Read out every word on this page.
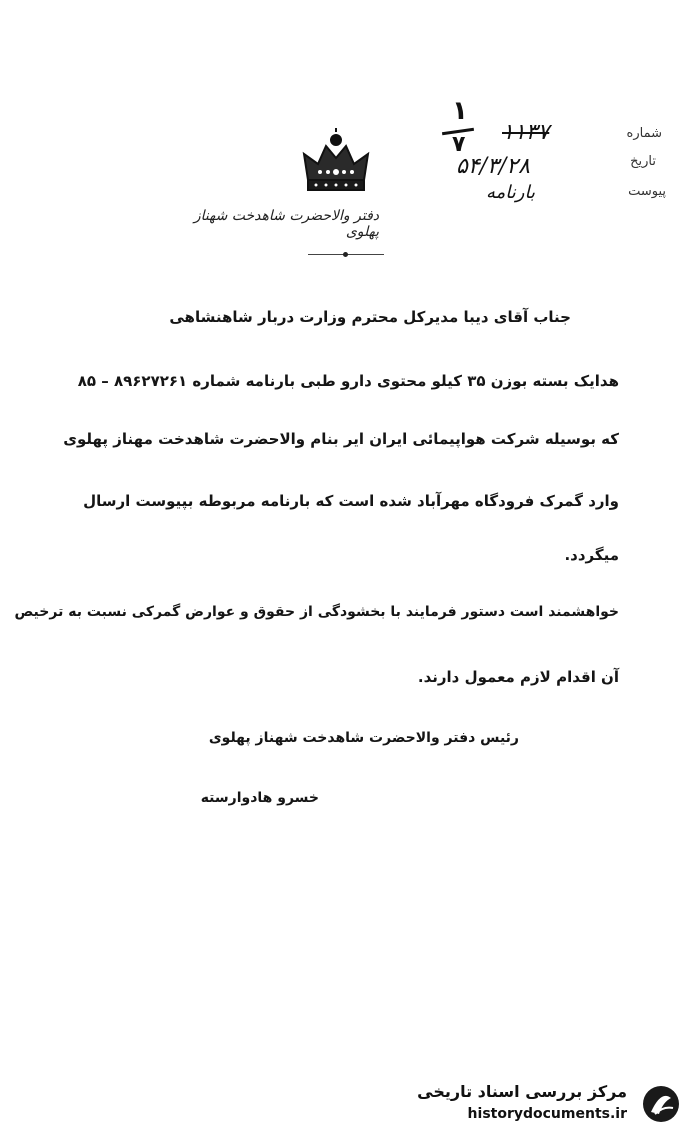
۱
۷	شماره
۱۱۳۷
تاریخ
۵۴/۳/۲۸
پیوست
بارنامه
دفتر والاحضرت شاهدخت شهناز پهلوی
جناب آقای دیبا مدیرکل محترم وزارت دربار شاهنشاهی
هدایک بسته بوزن ۳۵ کیلو محتوی دارو طبی بارنامه شماره ۸۹۶۲۷۲۶۱ – ۸۵
که بوسیله شرکت هواپیمائی ایران ایر بنام والاحضرت شاهدخت مهناز پهلوی
وارد گمرک فرودگاه مهرآباد شده است که بارنامه مربوطه بپیوست ارسال
میگردد.
خواهشمند است دستور فرمایند با بخشودگی از حقوق و عوارض گمرکی نسبت به ترخیص
آن اقدام لازم معمول دارند.
رئیس دفتر والاحضرت شاهدخت شهناز پهلوی
خسرو هادوارسته
مرکز بررسی اسناد تاریخی
historydocuments.ir
